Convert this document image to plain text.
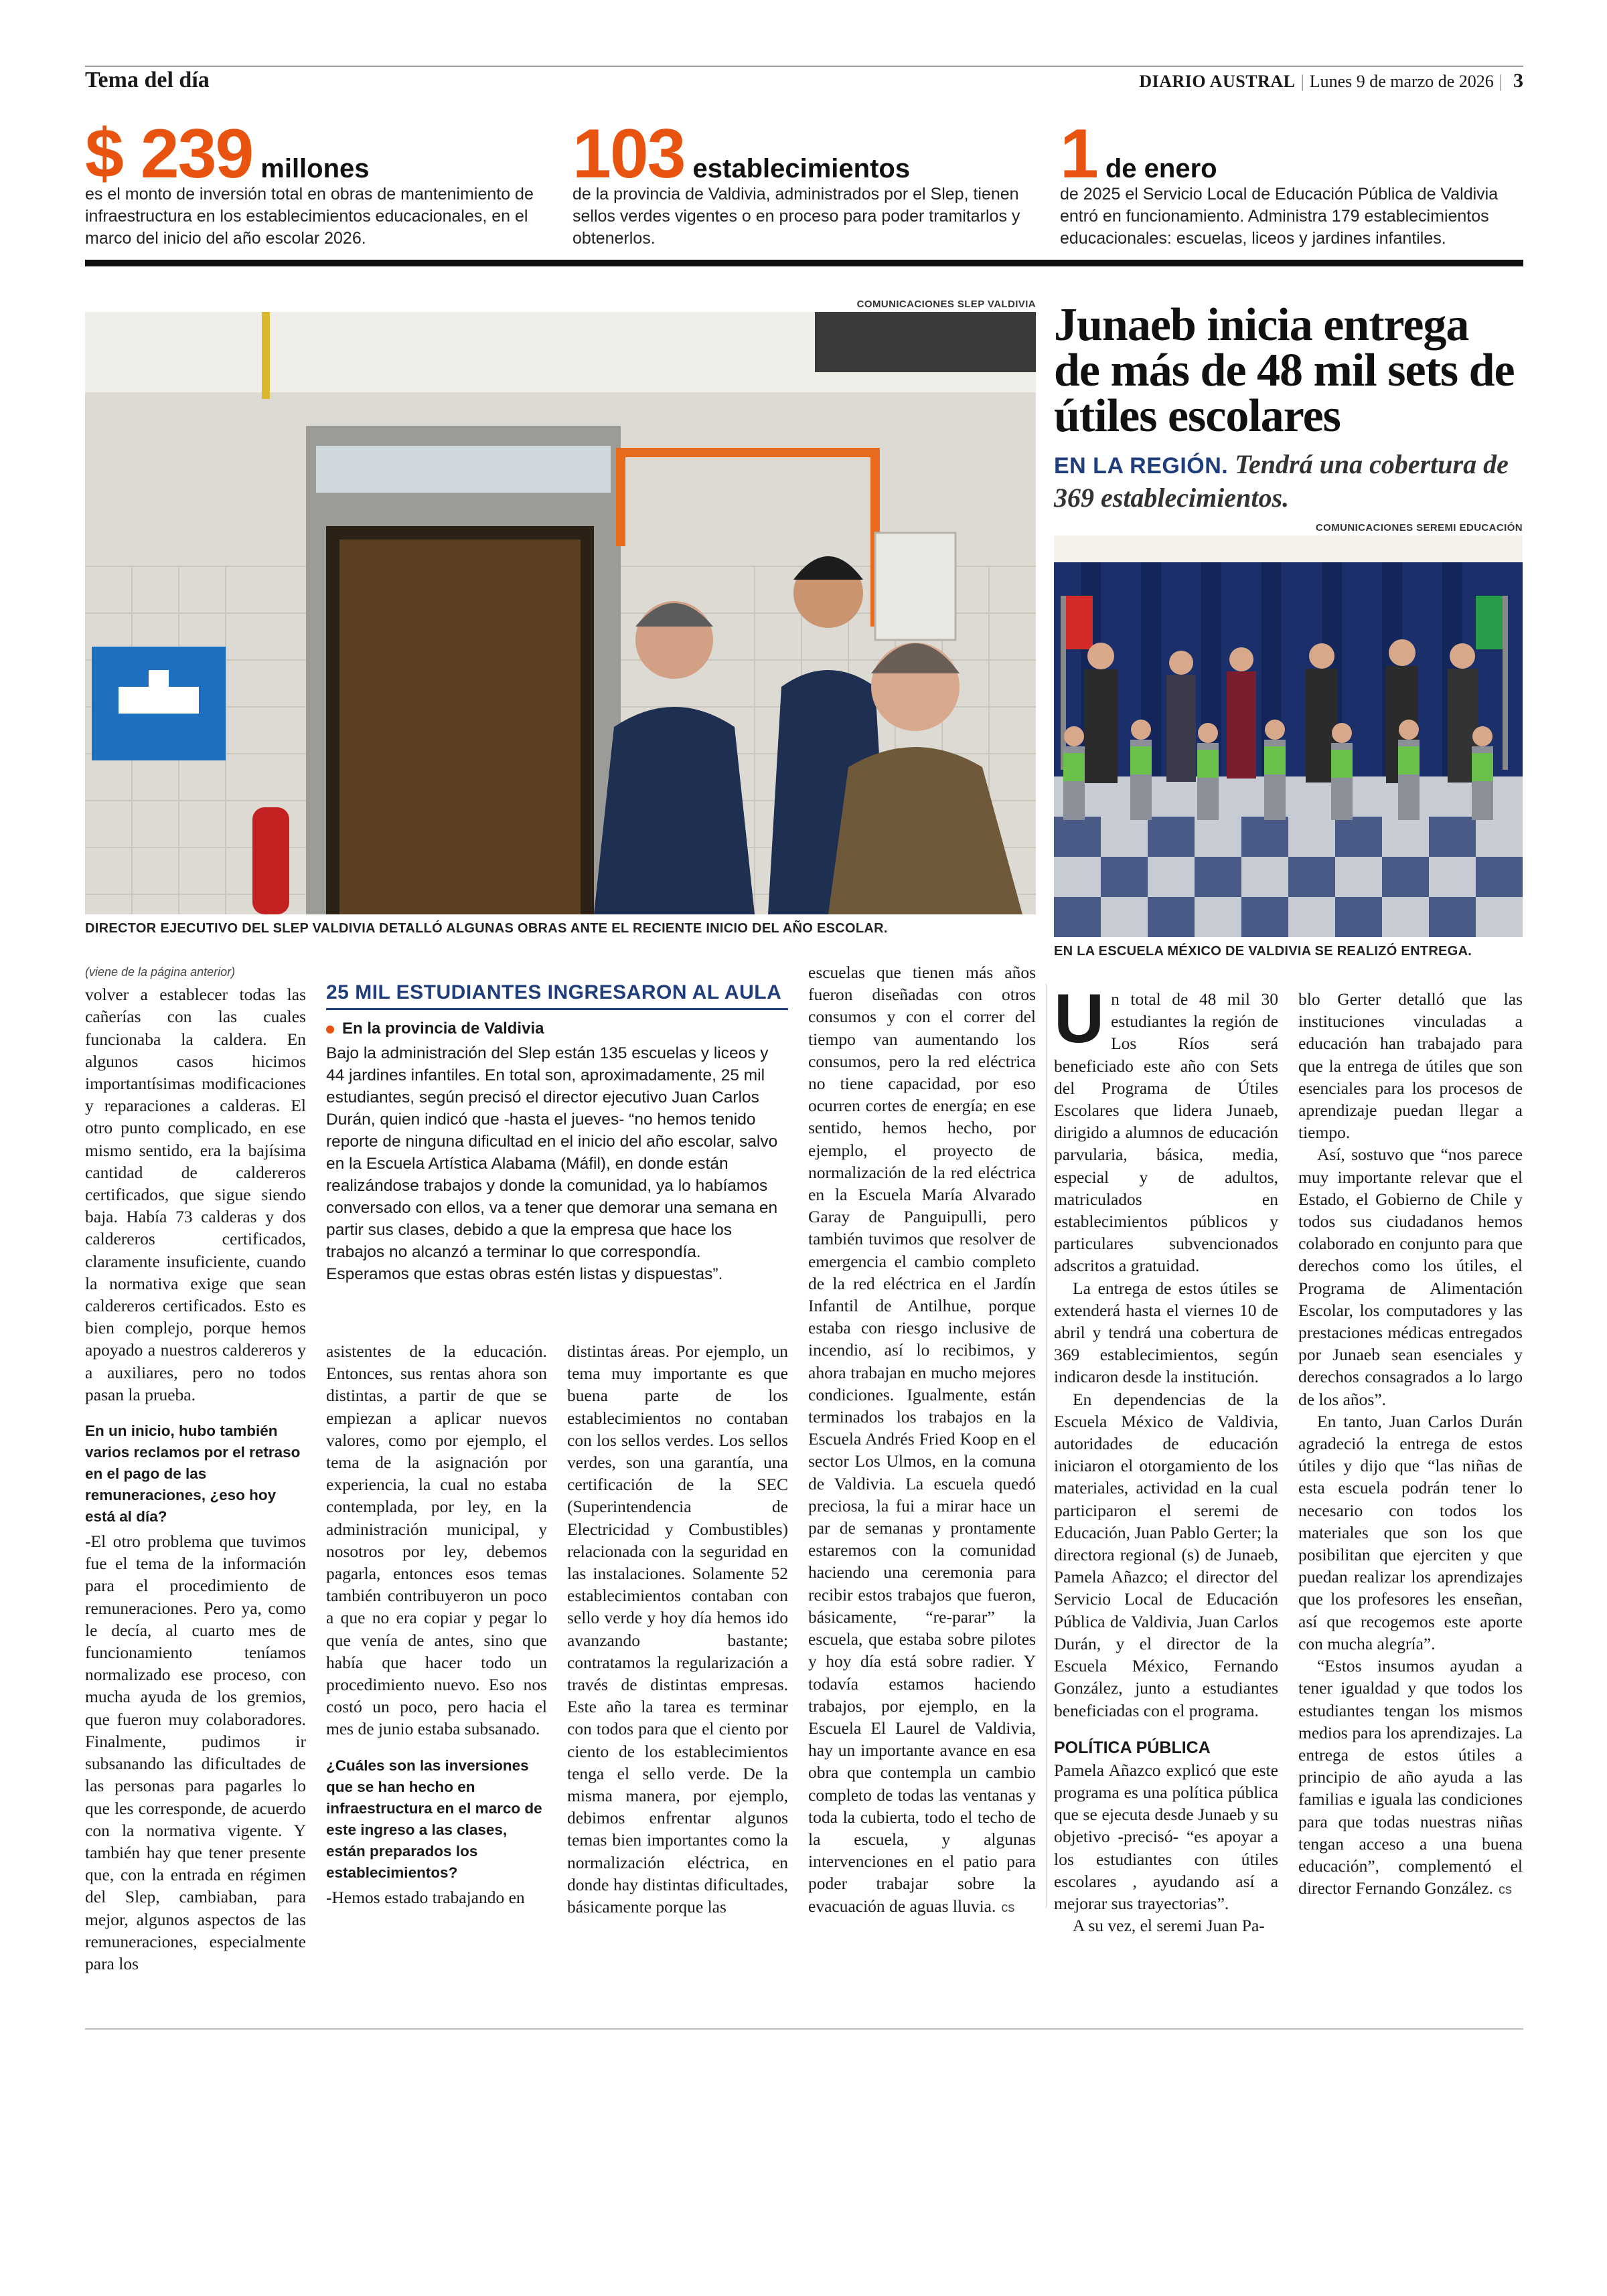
Tema del día	DIARIO AUSTRAL | Lunes 9 de marzo de 2026 | 3
$ 239 millones
es el monto de inversión total en obras de mantenimiento de infraestructura en los establecimientos educacionales, en el marco del inicio del año escolar 2026.
103 establecimientos
de la provincia de Valdivia, administrados por el Slep, tienen sellos verdes vigentes o en proceso para poder tramitarlos y obtenerlos.
1 de enero
de 2025 el Servicio Local de Educación Pública de Valdivia entró en funcionamiento. Administra 179 establecimientos educacionales: escuelas, liceos y jardines infantiles.
COMUNICACIONES SLEP VALDIVIA
DIRECTOR EJECUTIVO DEL SLEP VALDIVIA DETALLÓ ALGUNAS OBRAS ANTE EL RECIENTE INICIO DEL AÑO ESCOLAR.
Junaeb inicia entrega de más de 48 mil sets de útiles escolares
EN LA REGIÓN. Tendrá una cobertura de 369 establecimientos.
COMUNICACIONES SEREMI EDUCACIÓN
EN LA ESCUELA MÉXICO DE VALDIVIA SE REALIZÓ ENTREGA.
(viene de la página anterior)

volver a establecer todas las cañerías con las cuales funcionaba la caldera. En algunos casos hicimos importantísimas modificaciones y reparaciones a calderas. El otro punto complicado, en ese mismo sentido, era la bajísima cantidad de caldereros certificados, que sigue siendo baja. Había 73 calderas y dos caldereros certificados, claramente insuficiente, cuando la normativa exige que sean caldereros certificados. Esto es bien complejo, porque hemos apoyado a nuestros caldereros y a auxiliares, pero no todos pasan la prueba.

En un inicio, hubo también varios reclamos por el retraso en el pago de las remuneraciones, ¿eso hoy está al día?

-El otro problema que tuvimos fue el tema de la información para el procedimiento de remuneraciones. Pero ya, como le decía, al cuarto mes de funcionamiento teníamos normalizado ese proceso, con mucha ayuda de los gremios, que fueron muy colaboradores. Finalmente, pudimos ir subsanando las dificultades de las personas para pagarles lo que les corresponde, de acuerdo con la normativa vigente. Y también hay que tener presente que, con la entrada en régimen del Slep, cambiaban, para mejor, algunos aspectos de las remuneraciones, especialmente para los

25 MIL ESTUDIANTES INGRESARON AL AULA
En la provincia de Valdivia
Bajo la administración del Slep están 135 escuelas y liceos y 44 jardines infantiles. En total son, aproximadamente, 25 mil estudiantes, según precisó el director ejecutivo Juan Carlos Durán, quien indicó que -hasta el jueves- “no hemos tenido reporte de ninguna dificultad en el inicio del año escolar, salvo en la Escuela Artística Alabama (Máfil), en donde están realizándose trabajos y donde la comunidad, ya lo habíamos conversado con ellos, va a tener que demorar una semana en partir sus clases, debido a que la empresa que hace los trabajos no alcanzó a terminar lo que correspondía. Esperamos que estas obras estén listas y dispuestas”.

asistentes de la educación. Entonces, sus rentas ahora son distintas, a partir de que se empiezan a aplicar nuevos valores, como por ejemplo, el tema de la asignación por experiencia, la cual no estaba contemplada, por ley, en la administración municipal, y nosotros por ley, debemos pagarla, entonces esos temas también contribuyeron un poco a que no era copiar y pegar lo que venía de antes, sino que había que hacer todo un procedimiento nuevo. Eso nos costó un poco, pero hacia el mes de junio estaba subsanado.

¿Cuáles son las inversiones que se han hecho en infraestructura en el marco de este ingreso a las clases, están preparados los establecimientos?

-Hemos estado trabajando en

distintas áreas. Por ejemplo, un tema muy importante es que buena parte de los establecimientos no contaban con los sellos verdes. Los sellos verdes, son una garantía, una certificación de la SEC (Superintendencia de Electricidad y Combustibles) relacionada con la seguridad en las instalaciones. Solamente 52 establecimientos contaban con sello verde y hoy día hemos ido avanzando bastante; contratamos la regularización a través de distintas empresas. Este año la tarea es terminar con todos para que el ciento por ciento de los establecimientos tenga el sello verde. De la misma manera, por ejemplo, debimos enfrentar algunos temas bien importantes como la normalización eléctrica, en donde hay distintas dificultades, básicamente porque las

escuelas que tienen más años fueron diseñadas con otros consumos y con el correr del tiempo van aumentando los consumos, pero la red eléctrica no tiene capacidad, por eso ocurren cortes de energía; en ese sentido, hemos hecho, por ejemplo, el proyecto de normalización de la red eléctrica en la Escuela María Alvarado Garay de Panguipulli, pero también tuvimos que resolver de emergencia el cambio completo de la red eléctrica en el Jardín Infantil de Antilhue, porque estaba con riesgo inclusive de incendio, así lo recibimos, y ahora trabajan en mucho mejores condiciones. Igualmente, están terminados los trabajos en la Escuela Andrés Fried Koop en el sector Los Ulmos, en la comuna de Valdivia. La escuela quedó preciosa, la fui a mirar hace un par de semanas y prontamente estaremos con la comunidad haciendo una ceremonia para recibir estos trabajos que fueron, básicamente, “re-parar” la escuela, que estaba sobre pilotes y hoy día está sobre radier. Y todavía estamos haciendo trabajos, por ejemplo, en la Escuela El Laurel de Valdivia, hay un importante avance en esa obra que contempla un cambio completo de todas las ventanas y toda la cubierta, todo el techo de la escuela, y algunas intervenciones en el patio para poder trabajar sobre la evacuación de aguas lluvia. cs

Un total de 48 mil 30 estudiantes la región de Los Ríos será beneficiado este año con Sets del Programa de Útiles Escolares que lidera Junaeb, dirigido a alumnos de educación parvularia, básica, media, especial y de adultos, matriculados en establecimientos públicos y particulares subvencionados adscritos a gratuidad.

La entrega de estos útiles se extenderá hasta el viernes 10 de abril y tendrá una cobertura de 369 establecimientos, según indicaron desde la institución.

En dependencias de la Escuela México de Valdivia, autoridades de educación iniciaron el otorgamiento de los materiales, actividad en la cual participaron el seremi de Educación, Juan Pablo Gerter; la directora regional (s) de Junaeb, Pamela Añazco; el director del Servicio Local de Educación Pública de Valdivia, Juan Carlos Durán, y el director de la Escuela México, Fernando González, junto a estudiantes beneficiadas con el programa.

POLÍTICA PÚBLICA

Pamela Añazco explicó que este programa es una política pública que se ejecuta desde Junaeb y su objetivo -precisó- “es apoyar a los estudiantes con útiles escolares , ayudando así a mejorar sus trayectorias”.

A su vez, el seremi Juan Pa-

blo Gerter detalló que las instituciones vinculadas a educación han trabajado para que la entrega de útiles que son esenciales para los procesos de aprendizaje puedan llegar a tiempo.

Así, sostuvo que “nos parece muy importante relevar que el Estado, el Gobierno de Chile y todos sus ciudadanos hemos colaborado en conjunto para que derechos como los útiles, el Programa de Alimentación Escolar, los computadores y las prestaciones médicas entregados por Junaeb sean esenciales y derechos consagrados a lo largo de los años”.

En tanto, Juan Carlos Durán agradeció la entrega de estos útiles y dijo que “las niñas de esta escuela podrán tener lo necesario con todos los materiales que son los que posibilitan que ejerciten y que puedan realizar los aprendizajes que los profesores les enseñan, así que recogemos este aporte con mucha alegría”.

“Estos insumos ayudan a tener igualdad y que todos los estudiantes tengan los mismos medios para los aprendizajes. La entrega de estos útiles a principio de año ayuda a las familias e iguala las condiciones para que todas nuestras niñas tengan acceso a una buena educación”, complementó el director Fernando González. cs
